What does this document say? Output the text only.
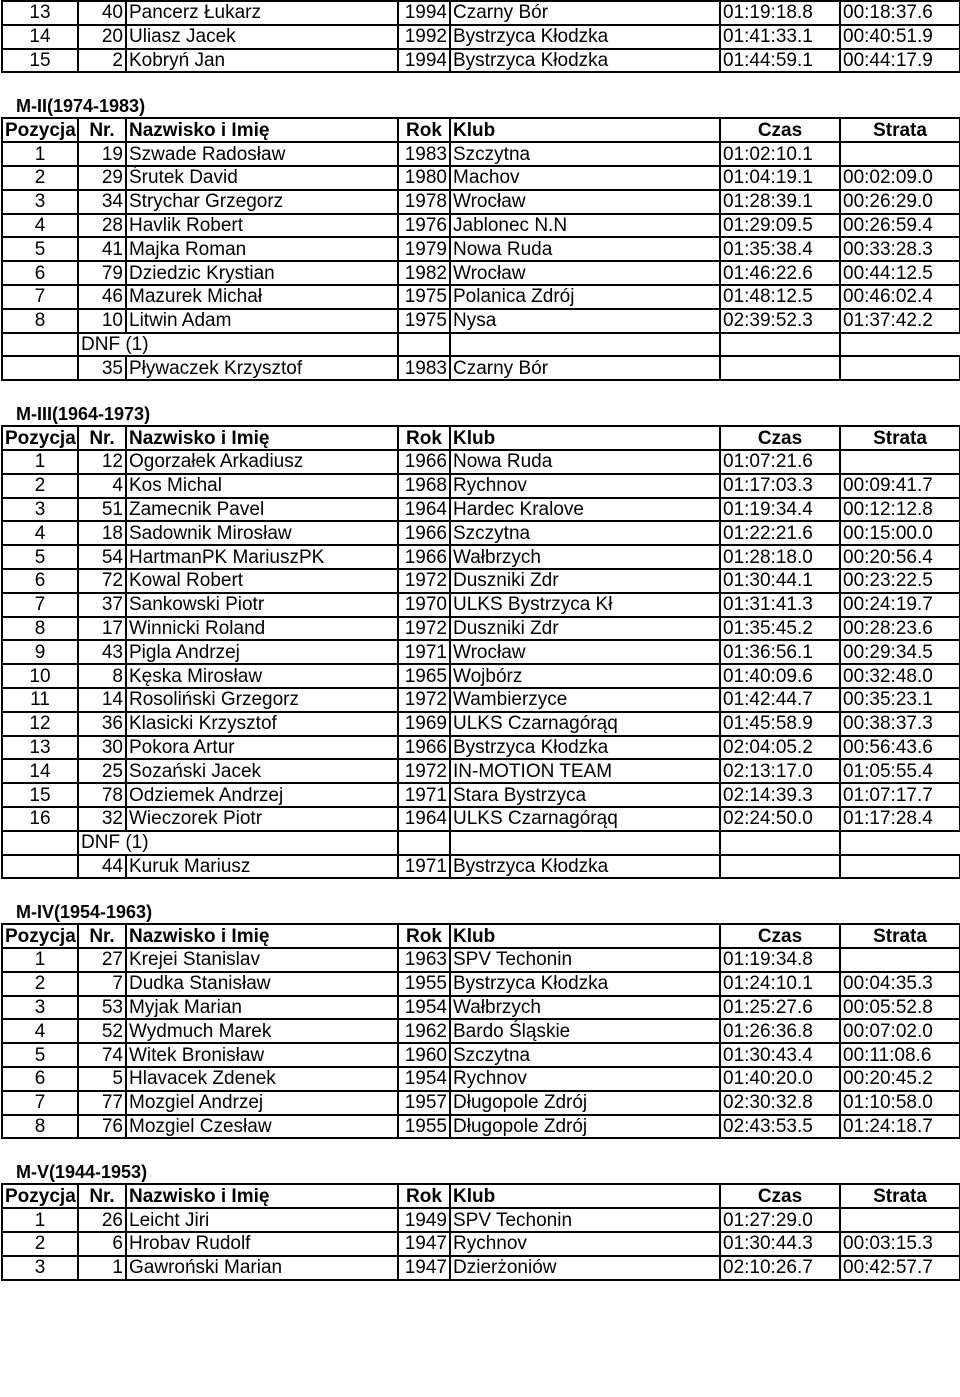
13	40	Pancerz Łukarz	1994	Czarny Bór	01:19:18.8	00:18:37.6
14	20	Uliasz Jacek	1992	Bystrzyca Kłodzka	01:41:33.1	00:40:51.9
15	2	Kobryń Jan	1994	Bystrzyca Kłodzka	01:44:59.1	00:44:17.9
M-II(1974-1983)
Pozycja	Nr.	Nazwisko i Imię	Rok	Klub	Czas	Strata
1	19	Szwade Radosław	1983	Szczytna	01:02:10.1	
2	29	Śrutek David	1980	Machov	01:04:19.1	00:02:09.0
3	34	Strychar Grzegorz	1978	Wrocław	01:28:39.1	00:26:29.0
4	28	Havlik Robert	1976	Jablonec N.N	01:29:09.5	00:26:59.4
5	41	Majka Roman	1979	Nowa Ruda	01:35:38.4	00:33:28.3
6	79	Dziedzic Krystian	1982	Wrocław	01:46:22.6	00:44:12.5
7	46	Mazurek Michał	1975	Polanica Zdrój	01:48:12.5	00:46:02.4
8	10	Litwin Adam	1975	Nysa	02:39:52.3	01:37:42.2
	DNF (1)					
	35	Pływaczek Krzysztof	1983	Czarny Bór		
M-III(1964-1973)
Pozycja	Nr.	Nazwisko i Imię	Rok	Klub	Czas	Strata
1	12	Ogorzałek Arkadiusz	1966	Nowa Ruda	01:07:21.6	
2	4	Kos Michal	1968	Rychnov	01:17:03.3	00:09:41.7
3	51	Zamecnik Pavel	1964	Hardec Kralove	01:19:34.4	00:12:12.8
4	18	Sadownik Mirosław	1966	Szczytna	01:22:21.6	00:15:00.0
5	54	HartmanPK MariuszPK	1966	Wałbrzych	01:28:18.0	00:20:56.4
6	72	Kowal Robert	1972	Duszniki Zdr	01:30:44.1	00:23:22.5
7	37	Sankowski Piotr	1970	ULKS Bystrzyca Kł	01:31:41.3	00:24:19.7
8	17	Winnicki Roland	1972	Duszniki Zdr	01:35:45.2	00:28:23.6
9	43	Pigla Andrzej	1971	Wrocław	01:36:56.1	00:29:34.5
10	8	Kęska Mirosław	1965	Wojbórz	01:40:09.6	00:32:48.0
11	14	Rosoliński Grzegorz	1972	Wambierzyce	01:42:44.7	00:35:23.1
12	36	Klasicki Krzysztof	1969	ULKS Czarnagórąq	01:45:58.9	00:38:37.3
13	30	Pokora Artur	1966	Bystrzyca Kłodzka	02:04:05.2	00:56:43.6
14	25	Sozański Jacek	1972	IN-MOTION TEAM	02:13:17.0	01:05:55.4
15	78	Odziemek Andrzej	1971	Stara Bystrzyca	02:14:39.3	01:07:17.7
16	32	Wieczorek Piotr	1964	ULKS Czarnagórąq	02:24:50.0	01:17:28.4
	DNF (1)					
	44	Kuruk Mariusz	1971	Bystrzyca Kłodzka		
M-IV(1954-1963)
Pozycja	Nr.	Nazwisko i Imię	Rok	Klub	Czas	Strata
1	27	Krejei Stanislav	1963	SPV Techonin	01:19:34.8	
2	7	Dudka Stanisław	1955	Bystrzyca Kłodzka	01:24:10.1	00:04:35.3
3	53	Myjak Marian	1954	Wałbrzych	01:25:27.6	00:05:52.8
4	52	Wydmuch Marek	1962	Bardo Śląskie	01:26:36.8	00:07:02.0
5	74	Witek Bronisław	1960	Szczytna	01:30:43.4	00:11:08.6
6	5	Hlavacek Zdenek	1954	Rychnov	01:40:20.0	00:20:45.2
7	77	Mozgiel Andrzej	1957	Długopole Zdrój	02:30:32.8	01:10:58.0
8	76	Mozgiel Czesław	1955	Długopole Zdrój	02:43:53.5	01:24:18.7
M-V(1944-1953)
Pozycja	Nr.	Nazwisko i Imię	Rok	Klub	Czas	Strata
1	26	Leicht Jiri	1949	SPV Techonin	01:27:29.0	
2	6	Hrobav Rudolf	1947	Rychnov	01:30:44.3	00:03:15.3
3	1	Gawroński Marian	1947	Dzierżoniów	02:10:26.7	00:42:57.7
